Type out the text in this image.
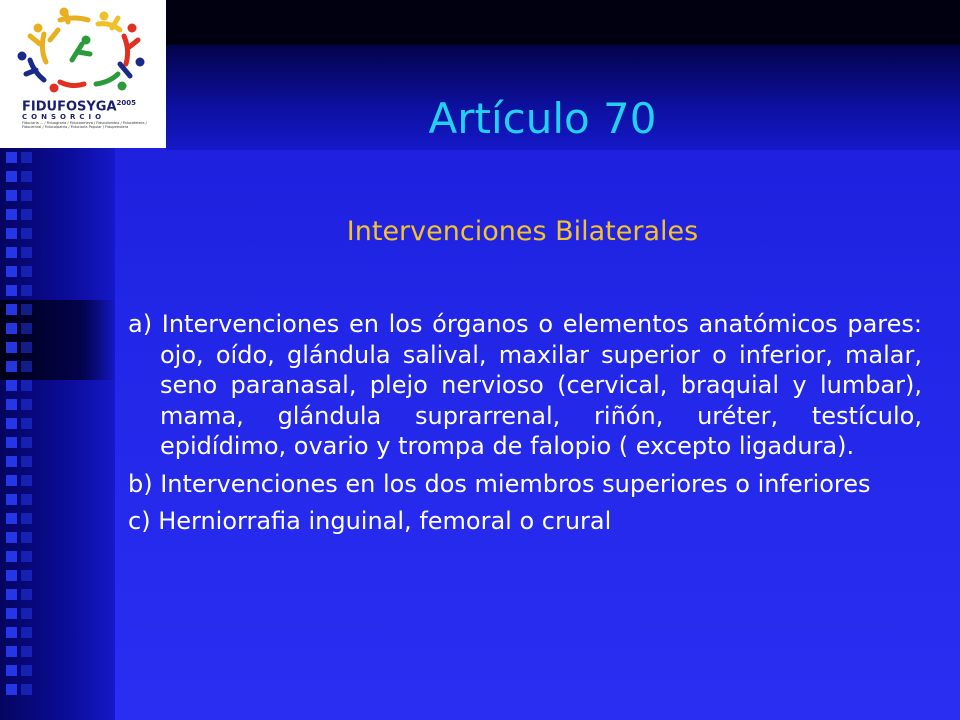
$FIDUFOSYGA^{2005}$
CONSORCIO
Fiduciaria ... / Fiduagraria / Fiducoomeva / Fiducolombia / Fiducafetera / Fiducentral / Fiducolpatria / Fiduciaria Popular / Fidupetrolera	Artículo 70
Intervenciones Bilaterales
a) Intervenciones en los órganos o elementos anatómicos pares: ojo, oído, glándula salival, maxilar superior o inferior, malar, seno paranasal, plejo nervioso (cervical, braquial y lumbar), mama, glándula suprarrenal, riñón, uréter, testículo, epidídimo, ovario y trompa de falopio ( excepto ligadura).
b) Intervenciones en los dos miembros superiores o inferiores
c) Herniorrafia inguinal, femoral o crural
